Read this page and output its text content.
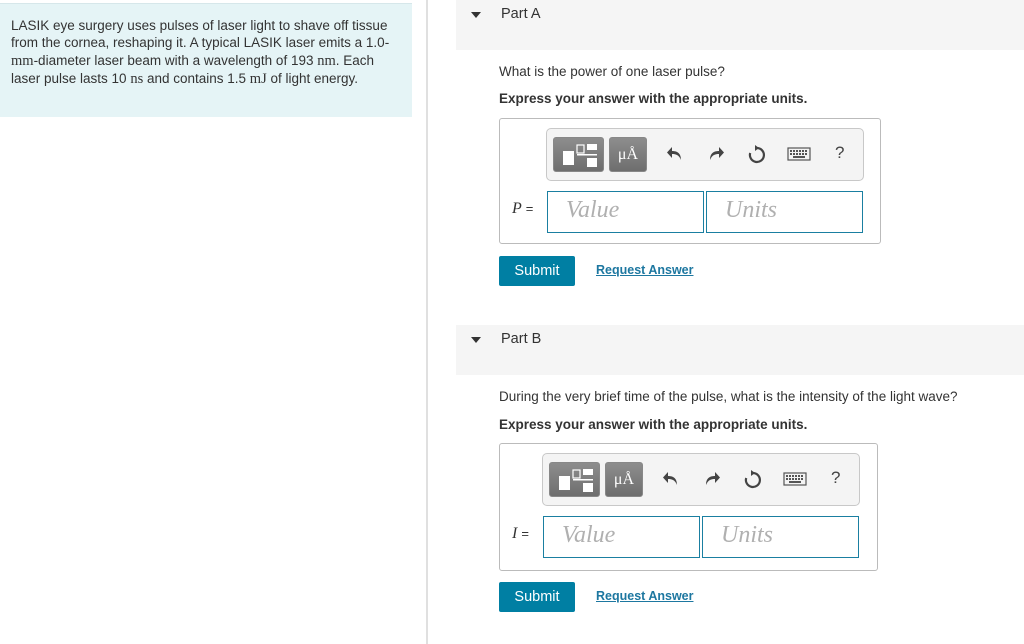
LASIK eye surgery uses pulses of laser light to shave off tissue from the cornea, reshaping it. A typical LASIK laser emits a 1.0-mm-diameter laser beam with a wavelength of 193 nm. Each laser pulse lasts 10 ns and contains 1.5 mJ of light energy.
Part A
What is the power of one laser pulse?
Express your answer with the appropriate units.
μÅ	?
P =	Value	Units
Submit	Request Answer
Part B
During the very brief time of the pulse, what is the intensity of the light wave?
Express your answer with the appropriate units.
μÅ	?
I =	Value	Units
Submit	Request Answer
